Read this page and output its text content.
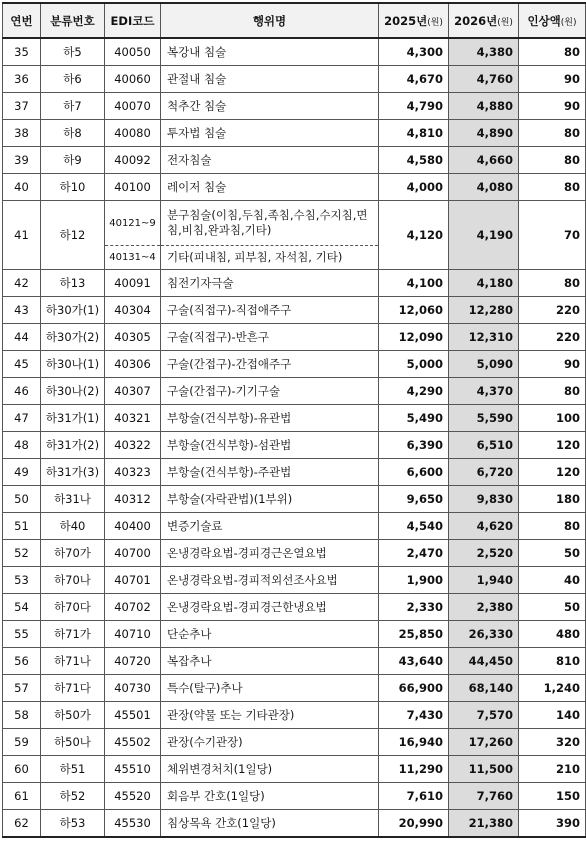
연번	분류번호	EDI코드	행위명	2025년(원)	2026년(원)	인상액(원)
35	하5	40050	복강내 침술	4,300	4,380	80
36	하6	40060	관절내 침술	4,670	4,760	90
37	하7	40070	척추간 침술	4,790	4,880	90
38	하8	40080	투자법 침술	4,810	4,890	80
39	하9	40092	전자침술	4,580	4,660	80
40	하10	40100	레이저 침술	4,000	4,080	80
41	하12	40121~9	분구침술(이침,두침,족침,수침,수지침,면침,비침,완과침,기타)	4,120	4,190	70
		40131~4	기타(피내침, 피부침, 자석침, 기타)			
42	하13	40091	침전기자극술	4,100	4,180	80
43	하30가(1)	40304	구술(직접구)-직접애주구	12,060	12,280	220
44	하30가(2)	40305	구술(직접구)-반흔구	12,090	12,310	220
45	하30나(1)	40306	구술(간접구)-간접애주구	5,000	5,090	90
46	하30나(2)	40307	구술(간접구)-기기구술	4,290	4,370	80
47	하31가(1)	40321	부항술(건식부항)-유관법	5,490	5,590	100
48	하31가(2)	40322	부항술(건식부항)-섬관법	6,390	6,510	120
49	하31가(3)	40323	부항술(건식부항)-주관법	6,600	6,720	120
50	하31나	40312	부항술(자락관법)(1부위)	9,650	9,830	180
51	하40	40400	변증기술료	4,540	4,620	80
52	하70가	40700	온냉경락요법-경피경근온열요법	2,470	2,520	50
53	하70나	40701	온냉경락요법-경피적외선조사요법	1,900	1,940	40
54	하70다	40702	온냉경락요법-경피경근한냉요법	2,330	2,380	50
55	하71가	40710	단순추나	25,850	26,330	480
56	하71나	40720	복잡추나	43,640	44,450	810
57	하71다	40730	특수(탈구)추나	66,900	68,140	1,240
58	하50가	45501	관장(약물 또는 기타관장)	7,430	7,570	140
59	하50나	45502	관장(수기관장)	16,940	17,260	320
60	하51	45510	체위변경처치(1일당)	11,290	11,500	210
61	하52	45520	회음부 간호(1일당)	7,610	7,760	150
62	하53	45530	침상목욕 간호(1일당)	20,990	21,380	390
